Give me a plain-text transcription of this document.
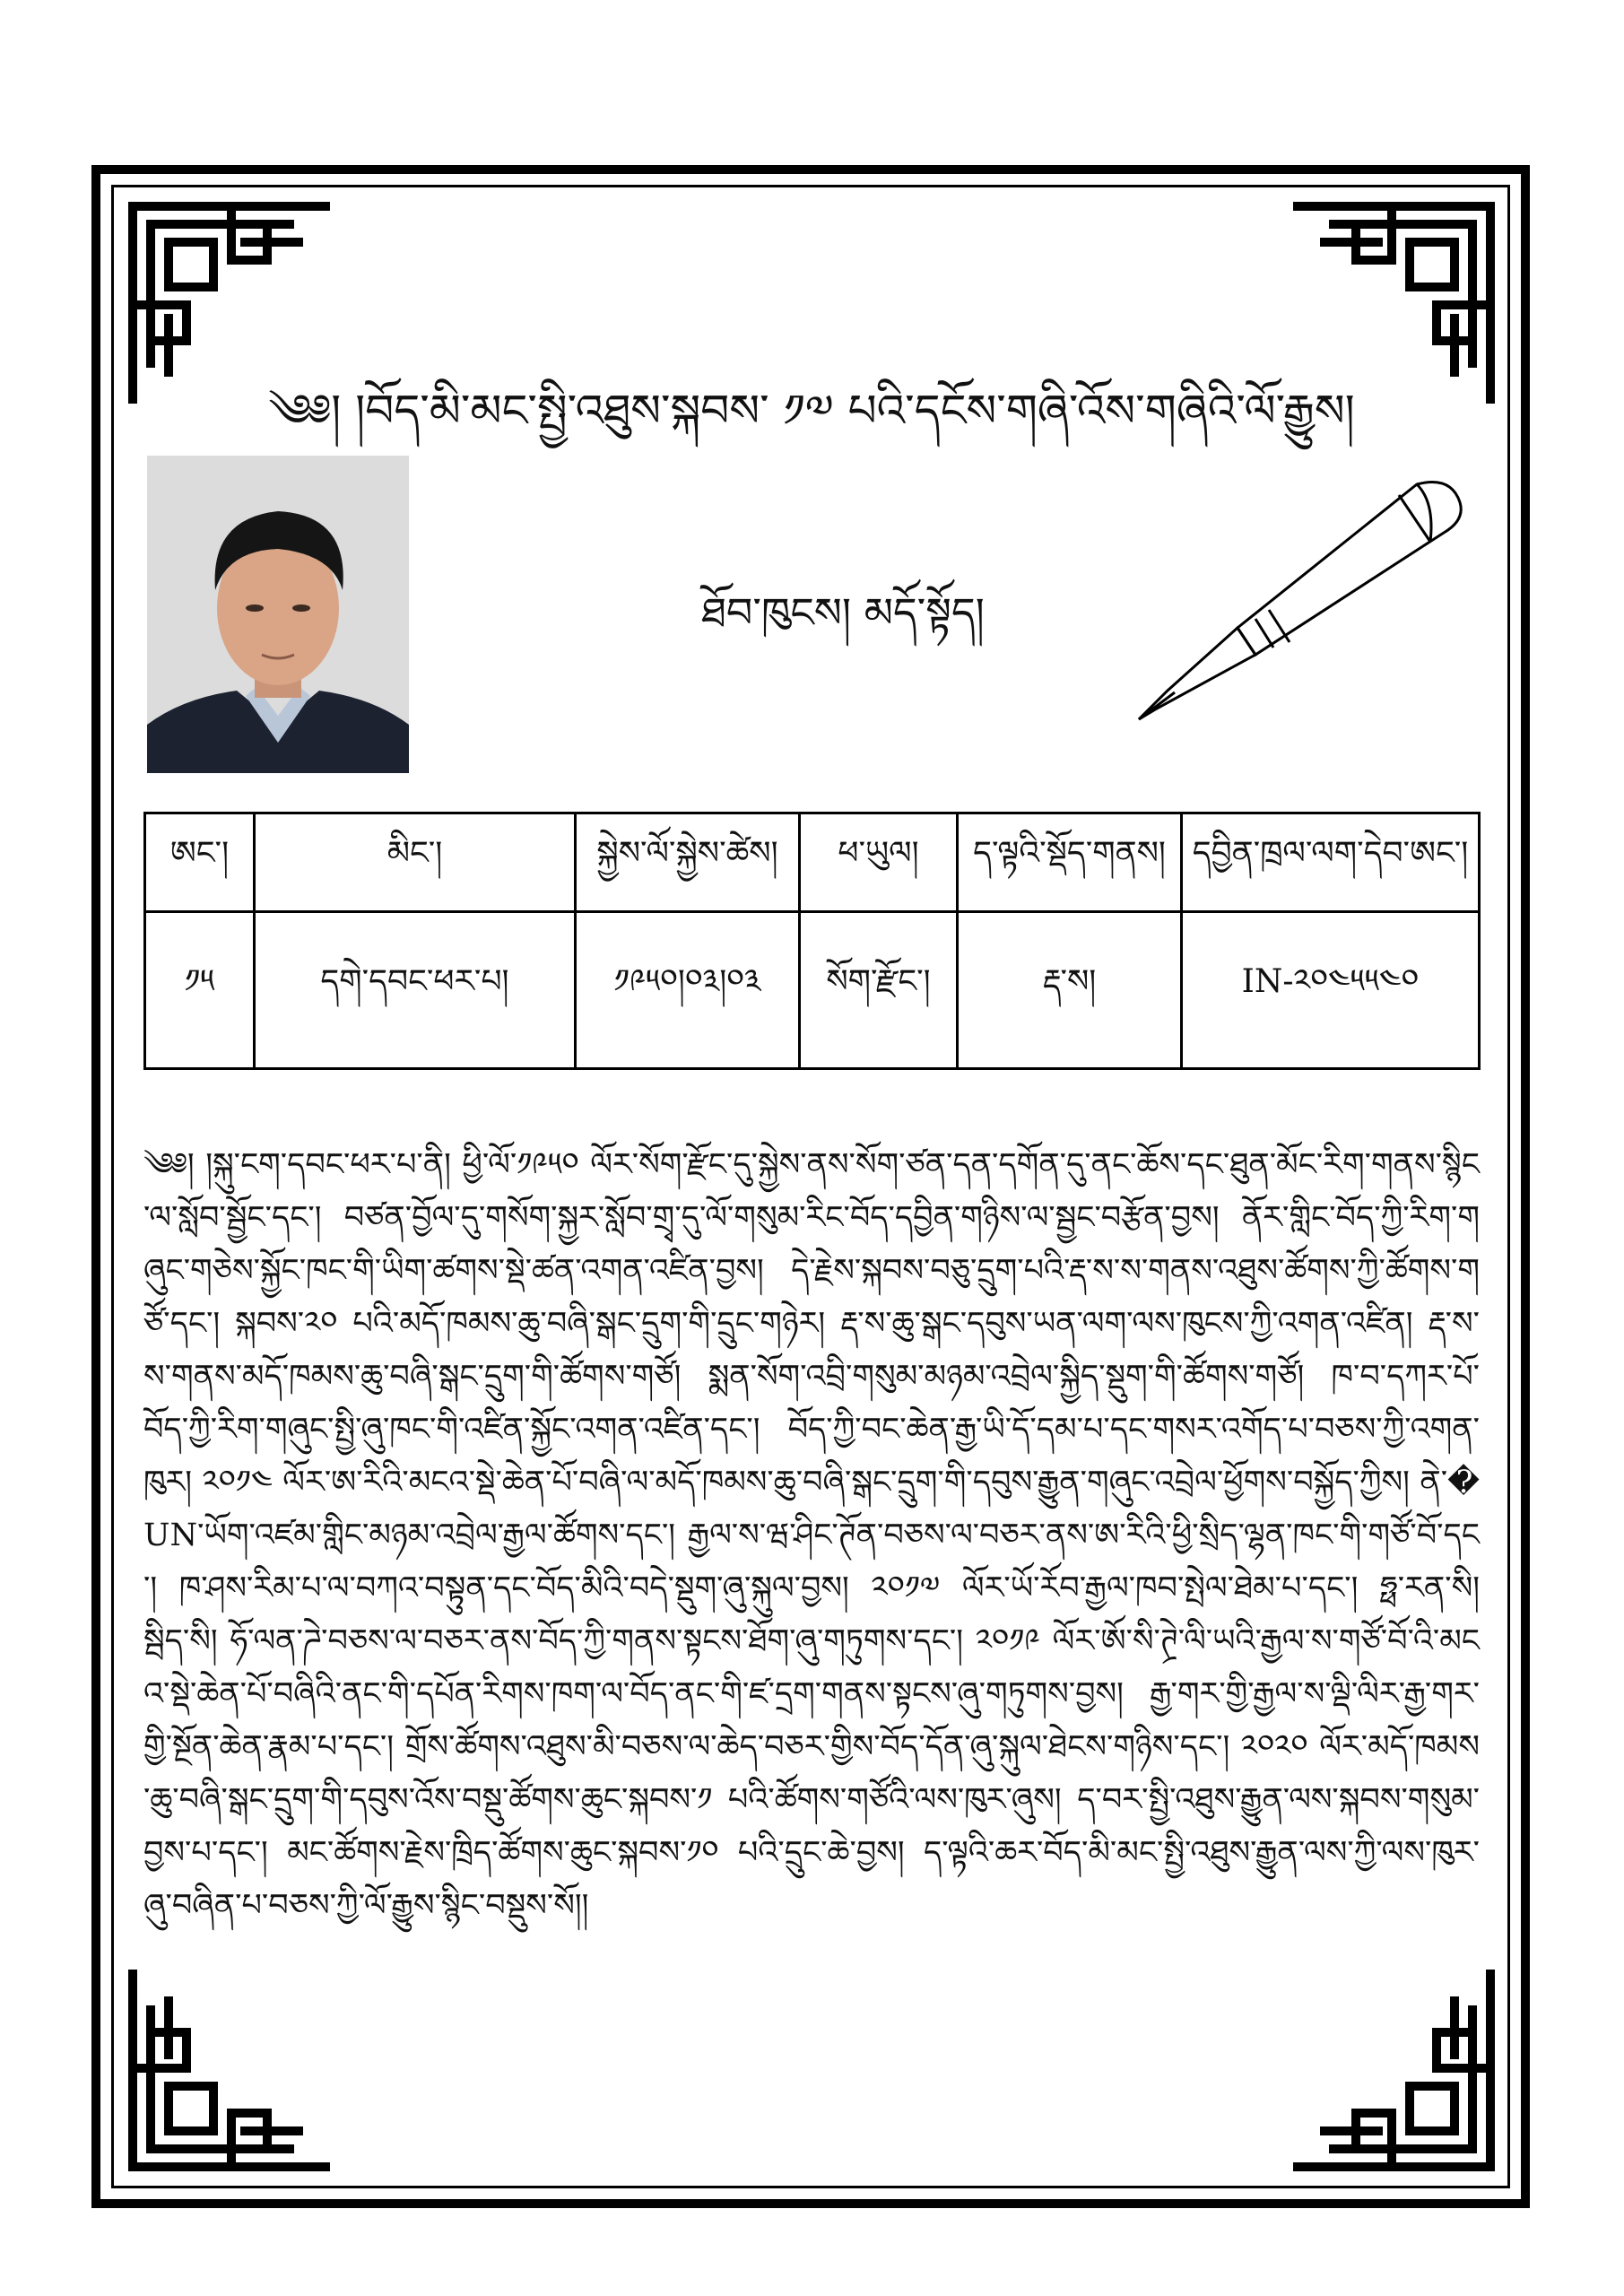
༄༅། །བོད་མི་མང་སྤྱི་འཐུས་སྐབས་ ༡༧ པའི་དངོས་གཞི་འོས་གཞིའི་ལོ་རྒྱུས།
ཐོབ་ཁུངས། མདོ་སྟོད།
ཨང་།	མིང་།	སྐྱེས་ལོ་སྐྱེས་ཚེས།	ཕ་ཡུལ།	ད་ལྟའི་སྡོད་གནས།	དབྱིན་ཁྲལ་ལག་དེབ་ཨང་།
༡༥	དགེ་དབང་ཕར་པ།	༡༩༥༠།༠༣།༠༣	སོག་རྫོང་།	རྡ་ས།	IN-༢༠༤༥༥༤༠
༄༅། །སྐུ་ངག་དབང་ཕར་པ་ནི། ཕྱི་ལོ་༡༩༥༠ ལོར་སོག་རྫོང་དུ་སྐྱེས་ནས་སོག་ཙན་དན་དགོན་དུ་ནང་ཆོས་དང་ཐུན་མོང་རིག་གནས་སྙིང་ལ་སློབ་སྦྱོང་དང་། བཙན་བྱོལ་དུ་གསོག་སྐྱར་སློབ་གྲྭ་དུ་ལོ་གསུམ་རིང་བོད་དབྱིན་གཉིས་ལ་སྦྱང་བརྩོན་བྱས། ནོར་གླིང་བོད་ཀྱི་རིག་གཞུང་གཅེས་སྐྱོང་ཁང་གི་ཡིག་ཚགས་སྡེ་ཚན་འགན་འཛིན་བྱས། དེ་རྗེས་སྐབས་བཅུ་དྲུག་པའི་རྡ་ས་ས་གནས་འཐུས་ཚོགས་ཀྱི་ཚོགས་གཙོ་དང་། སྐབས་༢༠ པའི་མདོ་ཁམས་ཆུ་བཞི་སྒང་དྲུག་གི་དྲུང་གཉེར། རྡ་ས་ཆུ་སྒང་དབུས་ཡན་ལག་ལས་ཁུངས་ཀྱི་འགན་འཛིན། རྡ་ས་ས་གནས་མདོ་ཁམས་ཆུ་བཞི་སྒང་དྲུག་གི་ཚོགས་གཙོ། སྨན་སོག་འབྲི་གསུམ་མཉམ་འབྲེལ་སྐྱིད་སྡུག་གི་ཚོགས་གཙོ། ཁ་བ་དཀར་པོ་བོད་ཀྱི་རིག་གཞུང་སྤྱི་ཞུ་ཁང་གི་འཛིན་སྐྱོང་འགན་འཛིན་དང་། བོད་ཀྱི་བང་ཆེན་རྒྱ་ཡི་དོ་དམ་པ་དང་གསར་འགོད་པ་བཅས་ཀྱི་འགན་ཁུར། ༢༠༡༤ ལོར་ཨ་རིའི་མངའ་སྡེ་ཆེན་པོ་བཞི་ལ་མདོ་ཁམས་ཆུ་བཞི་སྒང་དྲུག་གི་དབུས་རྒྱུན་གཞུང་འབྲེལ་ཕྱོགས་བསྐྱོད་ཀྱིས། ནེ་�UN་ཡོག་འཛམ་གླིང་མཉམ་འབྲེལ་རྒྱལ་ཚོགས་དང་། རྒྱལ་ས་ཝ་ཤིང་ཊོན་བཅས་ལ་བཅར་ནས་ཨ་རིའི་ཕྱི་སྲིད་ལྷན་ཁང་གི་གཙོ་བོ་དང་། ཁ་ཤས་རིམ་པ་ལ་བཀའ་བསྟུན་དང་བོད་མིའི་བདེ་སྡུག་ཞུ་སྐུལ་བྱས། ༢༠༡༧ ལོར་ཡོ་རོབ་རྒྱལ་ཁབ་སྤེལ་ཐེམ་པ་དང་། ཧྥ་རན་སི། སྦིད་སི། ཧོ་ལན་ཌེ་བཅས་ལ་བཅར་ནས་བོད་ཀྱི་གནས་སྟངས་ཐོག་ཞུ་གཏུགས་དང་། ༢༠༡༩ ལོར་ཨོ་སི་ཊྲེ་ལི་ཡའི་རྒྱལ་ས་གཙོ་བོ་འི་མངའ་སྡེ་ཆེན་པོ་བཞིའི་ནང་གི་དཔོན་རིགས་ཁག་ལ་བོད་ནང་གི་ཛ་དྲག་གནས་སྟངས་ཞུ་གཏུགས་བྱས། རྒྱ་གར་གྱི་རྒྱལ་ས་ལྡི་ལིར་རྒྱ་གར་གྱི་སྔོན་ཆེན་རྣམ་པ་དང་། གྲོས་ཚོགས་འཐུས་མི་བཅས་ལ་ཆེད་བཅར་གྱིས་བོད་དོན་ཞུ་སྐུལ་ཐེངས་གཉིས་དང་། ༢༠༢༠ ལོར་མདོ་ཁམས་ཆུ་བཞི་སྒང་དྲུག་གི་དབུས་འོས་བསྡུ་ཚོགས་ཆུང་སྐབས་༡ པའི་ཚོགས་གཙོའི་ལས་ཁུར་ཞུས། ད་བར་སྤྱི་འཐུས་རྒྱུན་ལས་སྐབས་གསུམ་བྱས་པ་དང་། མང་ཚོགས་རྗེས་ཁྲིད་ཚོགས་ཆུང་སྐབས་༡༠ པའི་དྲུང་ཆེ་བྱས། ད་ལྟའི་ཆར་བོད་མི་མང་སྤྱི་འཐུས་རྒྱུན་ལས་ཀྱི་ལས་ཁུར་ཞུ་བཞིན་པ་བཅས་ཀྱི་ལོ་རྒྱུས་སྙིང་བསྡུས་སོ།།
